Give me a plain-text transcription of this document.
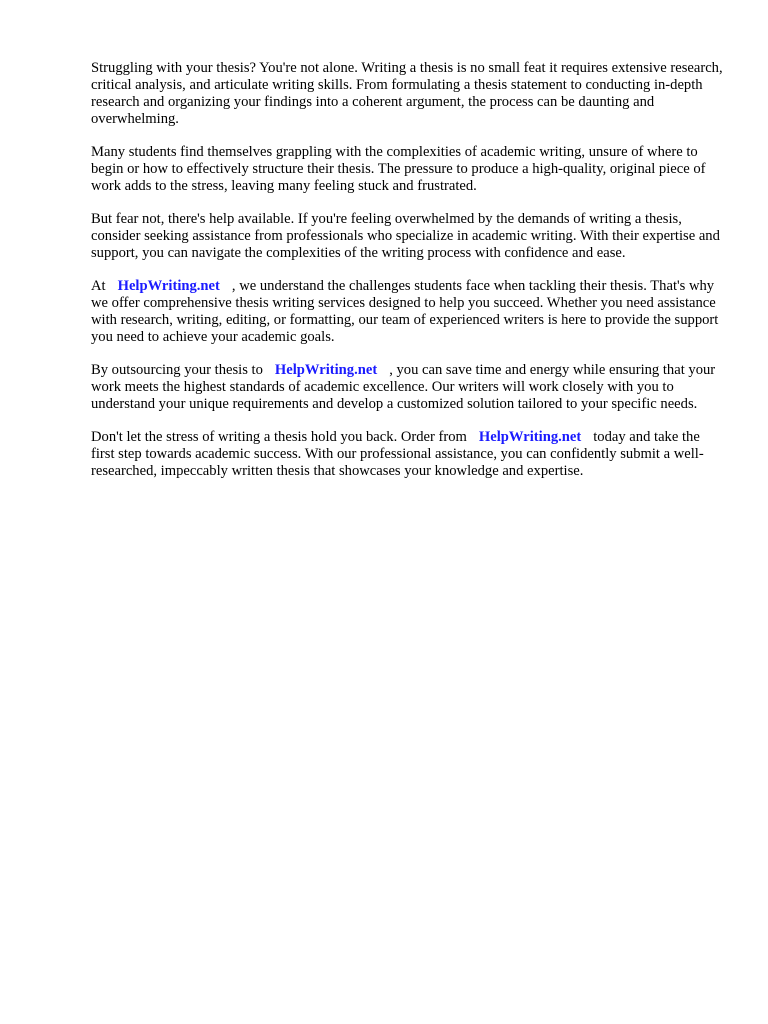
Struggling with your thesis? You're not alone. Writing a thesis is no small feat it requires extensive research, critical analysis, and articulate writing skills. From formulating a thesis statement to conducting in-depth research and organizing your findings into a coherent argument, the process can be daunting and overwhelming.

Many students find themselves grappling with the complexities of academic writing, unsure of where to begin or how to effectively structure their thesis. The pressure to produce a high-quality, original piece of work adds to the stress, leaving many feeling stuck and frustrated.

But fear not, there's help available. If you're feeling overwhelmed by the demands of writing a thesis, consider seeking assistance from professionals who specialize in academic writing. With their expertise and support, you can navigate the complexities of the writing process with confidence and ease.

At HelpWriting.net , we understand the challenges students face when tackling their thesis. That's why we offer comprehensive thesis writing services designed to help you succeed. Whether you need assistance with research, writing, editing, or formatting, our team of experienced writers is here to provide the support you need to achieve your academic goals.

By outsourcing your thesis to HelpWriting.net , you can save time and energy while ensuring that your work meets the highest standards of academic excellence. Our writers will work closely with you to understand your unique requirements and develop a customized solution tailored to your specific needs.

Don't let the stress of writing a thesis hold you back. Order from HelpWriting.net today and take the first step towards academic success. With our professional assistance, you can confidently submit a well-researched, impeccably written thesis that showcases your knowledge and expertise.
